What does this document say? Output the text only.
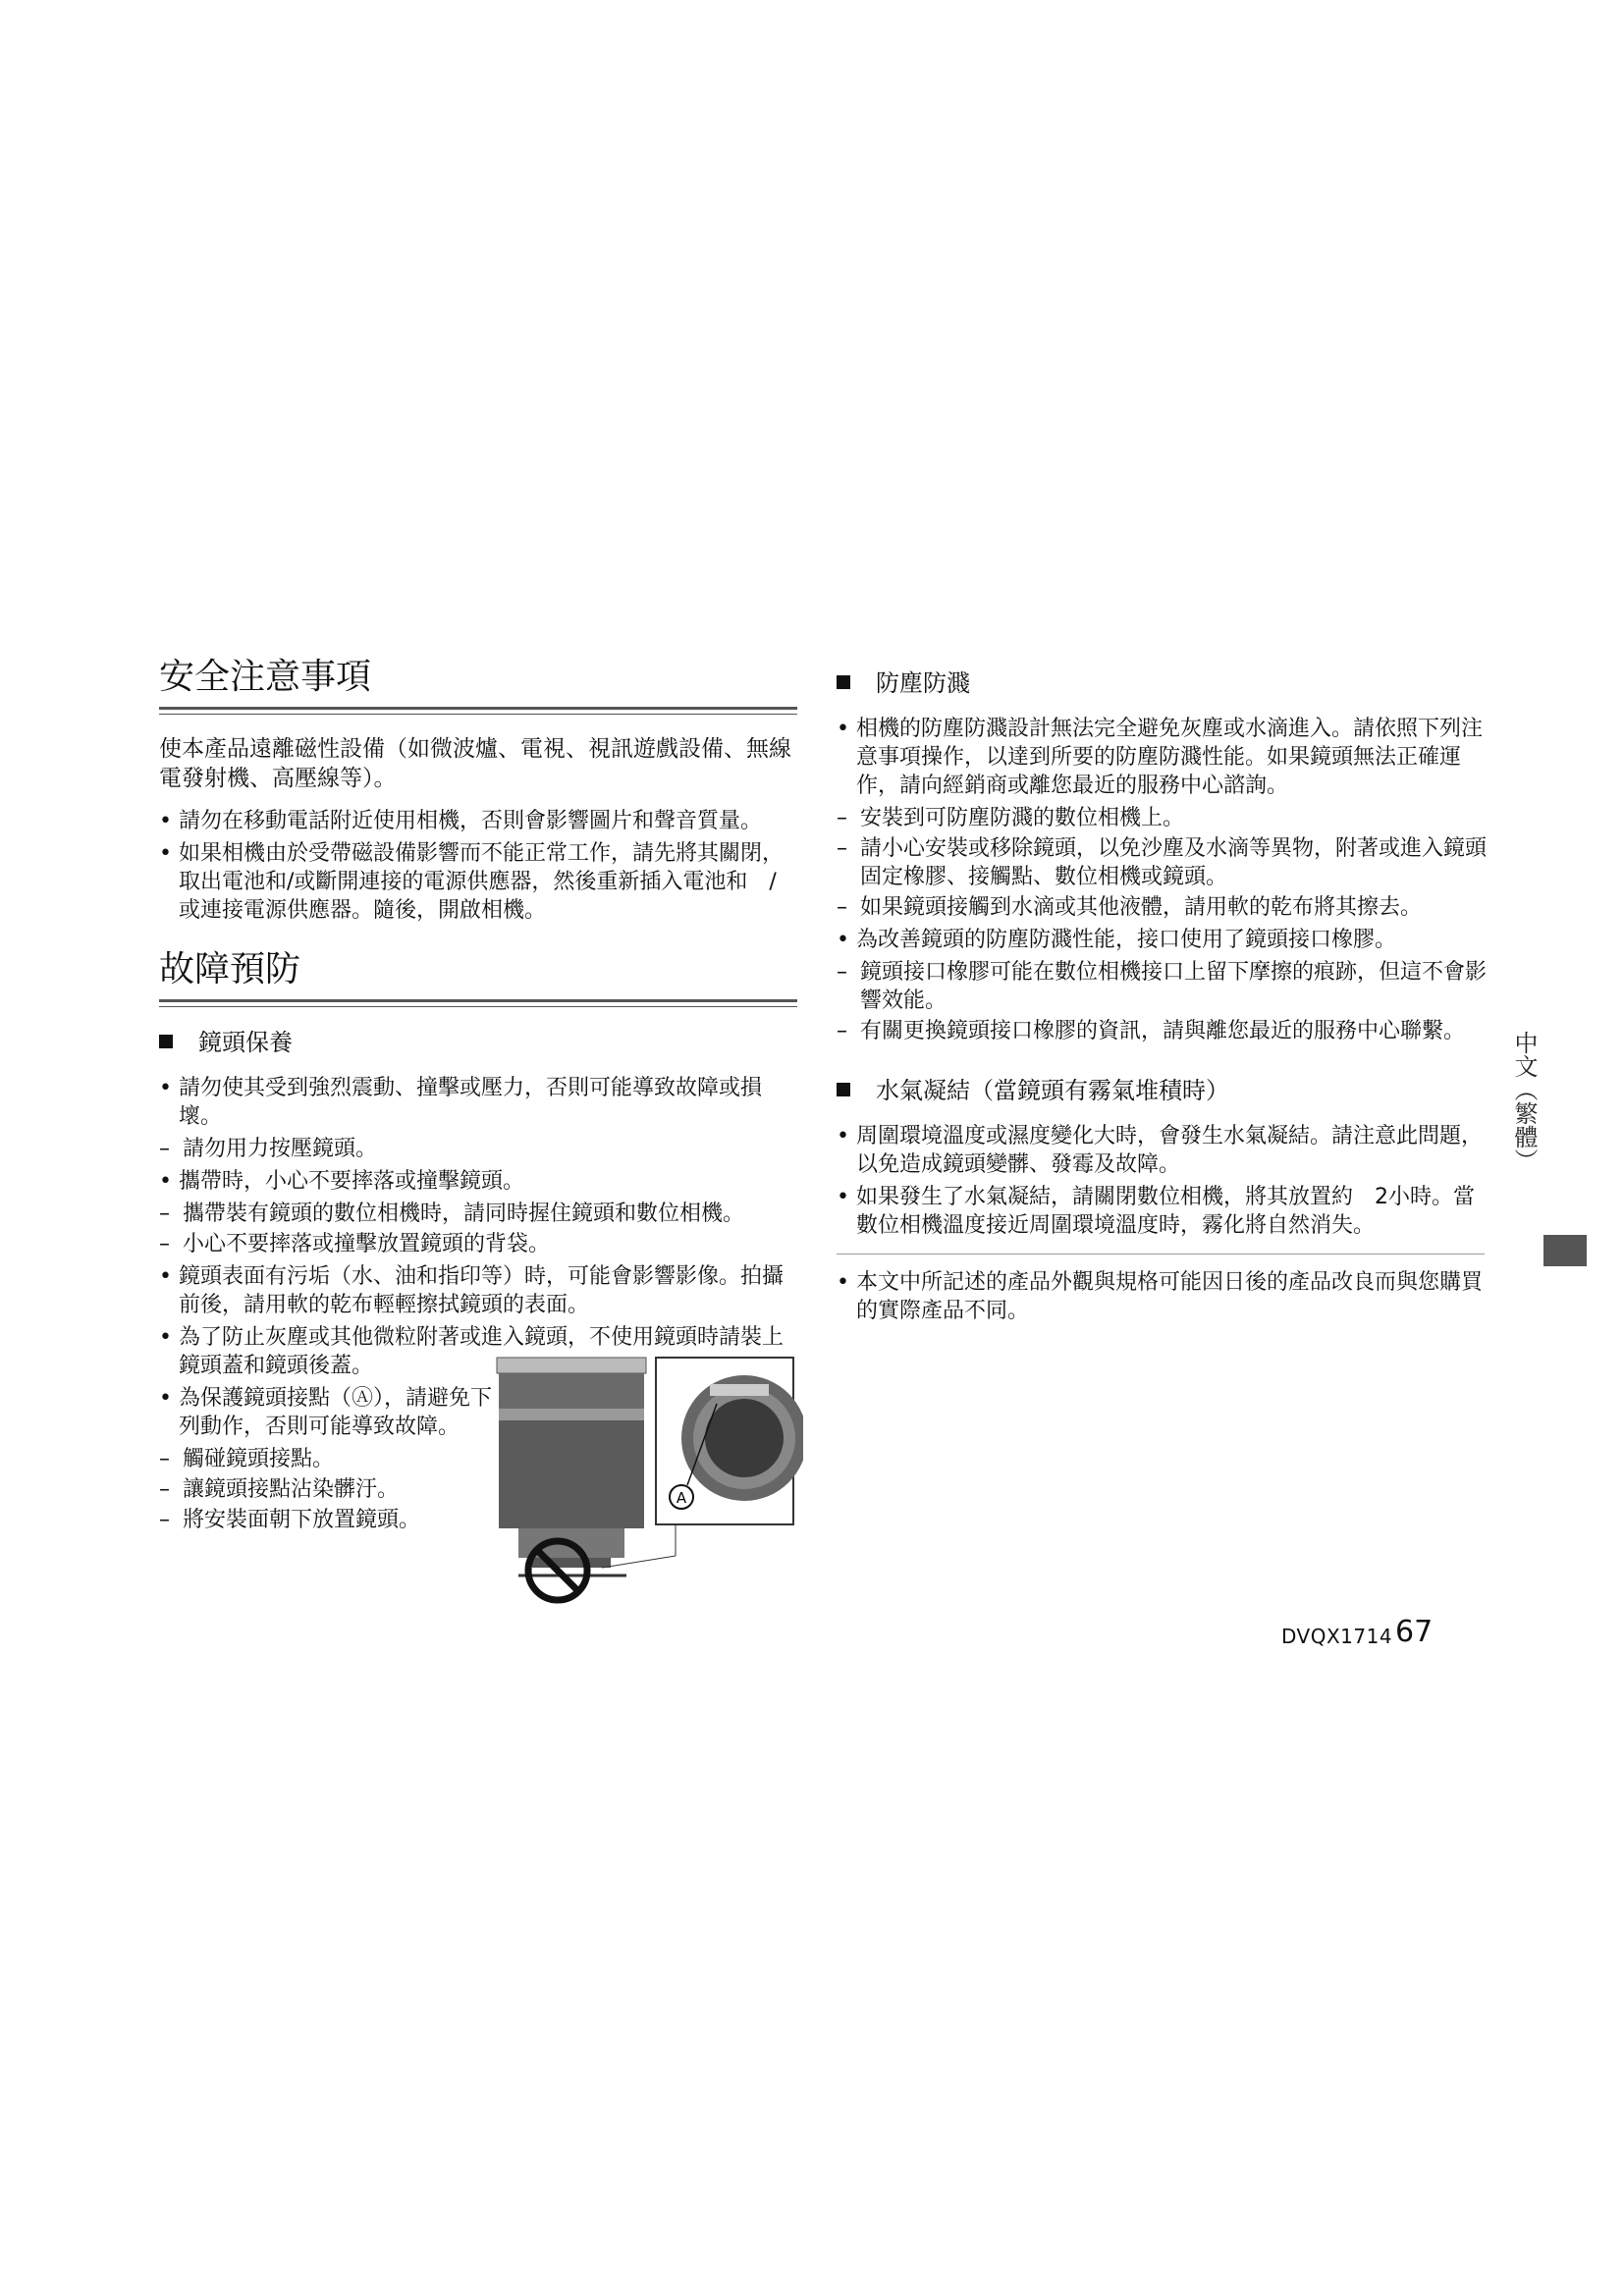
安全注意事項

使本產品遠離磁性設備（如微波爐、電視、視訊遊戲設備、無線電發射機、高壓線等）。

• 請勿在移動電話附近使用相機，否則會影響圖片和聲音質量。
• 如果相機由於受帶磁設備影響而不能正常工作，請先將其關閉，取出電池和/或斷開連接的電源供應器，然後重新插入電池和　/或連接電源供應器。隨後，開啟相機。
故障預防
鏡頭保養
• 請勿使其受到強烈震動、撞擊或壓力，否則可能導致故障或損壞。
– 請勿用力按壓鏡頭。
• 攜帶時，小心不要摔落或撞擊鏡頭。
– 攜帶裝有鏡頭的數位相機時，請同時握住鏡頭和數位相機。
– 小心不要摔落或撞擊放置鏡頭的背袋。
• 鏡頭表面有污垢（水、油和指印等）時，可能會影響影像。拍攝前後，請用軟的乾布輕輕擦拭鏡頭的表面。
• 為了防止灰塵或其他微粒附著或進入鏡頭，不使用鏡頭時請裝上鏡頭蓋和鏡頭後蓋。
• 為保護鏡頭接點（Ⓐ），請避免下列動作，否則可能導致故障。
– 觸碰鏡頭接點。
– 讓鏡頭接點沾染髒汙。
– 將安裝面朝下放置鏡頭。
A
防塵防濺
• 相機的防塵防濺設計無法完全避免灰塵或水滴進入。請依照下列注意事項操作，以達到所要的防塵防濺性能。如果鏡頭無法正確運作，請向經銷商或離您最近的服務中心諮詢。
– 安裝到可防塵防濺的數位相機上。
– 請小心安裝或移除鏡頭，以免沙塵及水滴等異物，附著或進入鏡頭固定橡膠、接觸點、數位相機或鏡頭。
– 如果鏡頭接觸到水滴或其他液體，請用軟的乾布將其擦去。
• 為改善鏡頭的防塵防濺性能，接口使用了鏡頭接口橡膠。
– 鏡頭接口橡膠可能在數位相機接口上留下摩擦的痕跡，但這不會影響效能。
– 有關更換鏡頭接口橡膠的資訊，請與離您最近的服務中心聯繫。
水氣凝結（當鏡頭有霧氣堆積時）
• 周圍環境溫度或濕度變化大時，會發生水氣凝結。請注意此問題，以免造成鏡頭變髒、發霉及故障。
• 如果發生了水氣凝結，請關閉數位相機，將其放置約　2小時。當數位相機溫度接近周圍環境溫度時，霧化將自然消失。
• 本文中所記述的產品外觀與規格可能因日後的產品改良而與您購買的實際產品不同。
中文（繁體）
DVQX1714 67
